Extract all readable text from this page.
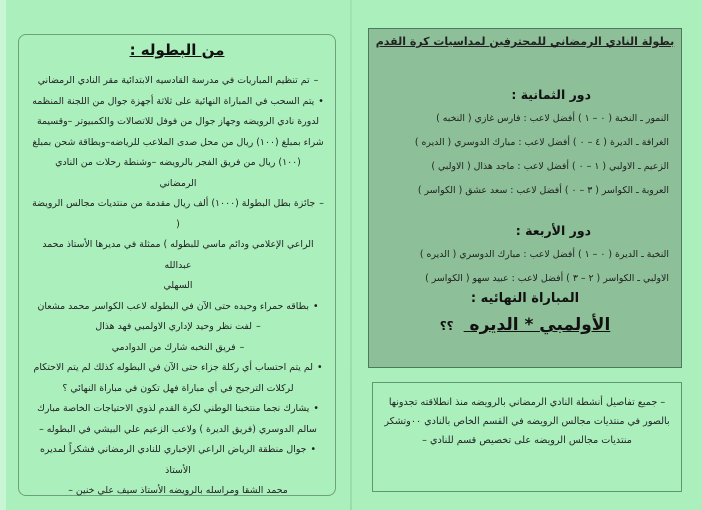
من البطوله :
–تم تنظيم المباريات في مدرسة القادسيه الابتدائية مقر النادي الرمضاني
•يتم السحب في المباراة النهائية على ثلاثة أجهزة جوال من اللجنة المنظمه
لدورة نادي الرويضه وجهاز جوال من فوفل للاتصالات والكمبيوتر –وقسيمة
شراء بمبلغ (١٠٠) ريال من محل صدى الملاعب للرياضه–وبطاقة شحن بمبلغ
(١٠٠) ريال من فريق الفجر بالرويضه –وشنطة رحلات من النادي
الرمضاني
–جائزة بطل البطولة (١٠٠٠) ألف ريال مقدمة من منتديات مجالس الرويضة (
الراعي الإعلامي ودائم ماسي للبطوله ) ممثلة في مديرها الأستاذ محمد عبدالله
السهلي
•بطاقه حمراء وحيده حتى الآن في البطوله لاعب الكواسر محمد مشعان
–لفت نظر وحيد لإداري الاولمبي فهد هذال
–فريق النخبه شارك من الدوادمي
•لم يتم احتساب أي ركلة جزاء حتى الآن في البطوله كذلك لم يتم الاحتكام
لركلات الترجيح في أي مباراة فهل تكون في مباراة النهائي ؟
•يشارك نجما منتخبنا الوطني لكرة القدم لذوي الاحتياجات الخاصة مبارك
سالم الدوسري (فريق الديرة ) ولاعب الزعيم علي البيشي في البطوله –
•جوال منطقة الرياض الراعي الإخباري للنادي الرمضاني فشكراً لمديره الأستاذ
محمد الشقا ومراسله بالرويضه الأستاذ سيف علي خنين –
بطولة النادي الرمضاني للمحترفين لمداسيات كرة القدم
دور الثمانية :
النمور ـ النخبة ( ٠ – ١ ) أفضل لاعب : فارس غازي ( النخبه )
الغرافة ـ الديرة ( ٤ – ٠ ) أفضل لاعب : مبارك الدوسري ( الديره )
الزعيم ـ الاولبي ( ١ – ٠ ) أفضل لاعب : ماجد هذال ( الاولبي )
العروبة ـ الكواسر ( ٣ – ٠ ) أفضل لاعب : سعد عشق ( الكواسر )
دور الأربعة :
النخبة ـ الديرة ( ٠ – ١ ) أفضل لاعب : مبارك الدوسري ( الديره )
الاولبي ـ الكواسر ( ٢ – ٣ ) أفضل لاعب : عبيد سهو ( الكواسر )
المباراة النهائيه :
الأولمبي * الديره ؟؟
– جميع تفاصيل أنشطة النادي الرمضاني بالرويضه منذ انطلاقته تجدونها
بالصور في منتديات مجالس الرويضه في القسم الخاص بالنادي ٠٠وتشكر
منتديات مجالس الرويضه على تخصيص قسم للنادي –
